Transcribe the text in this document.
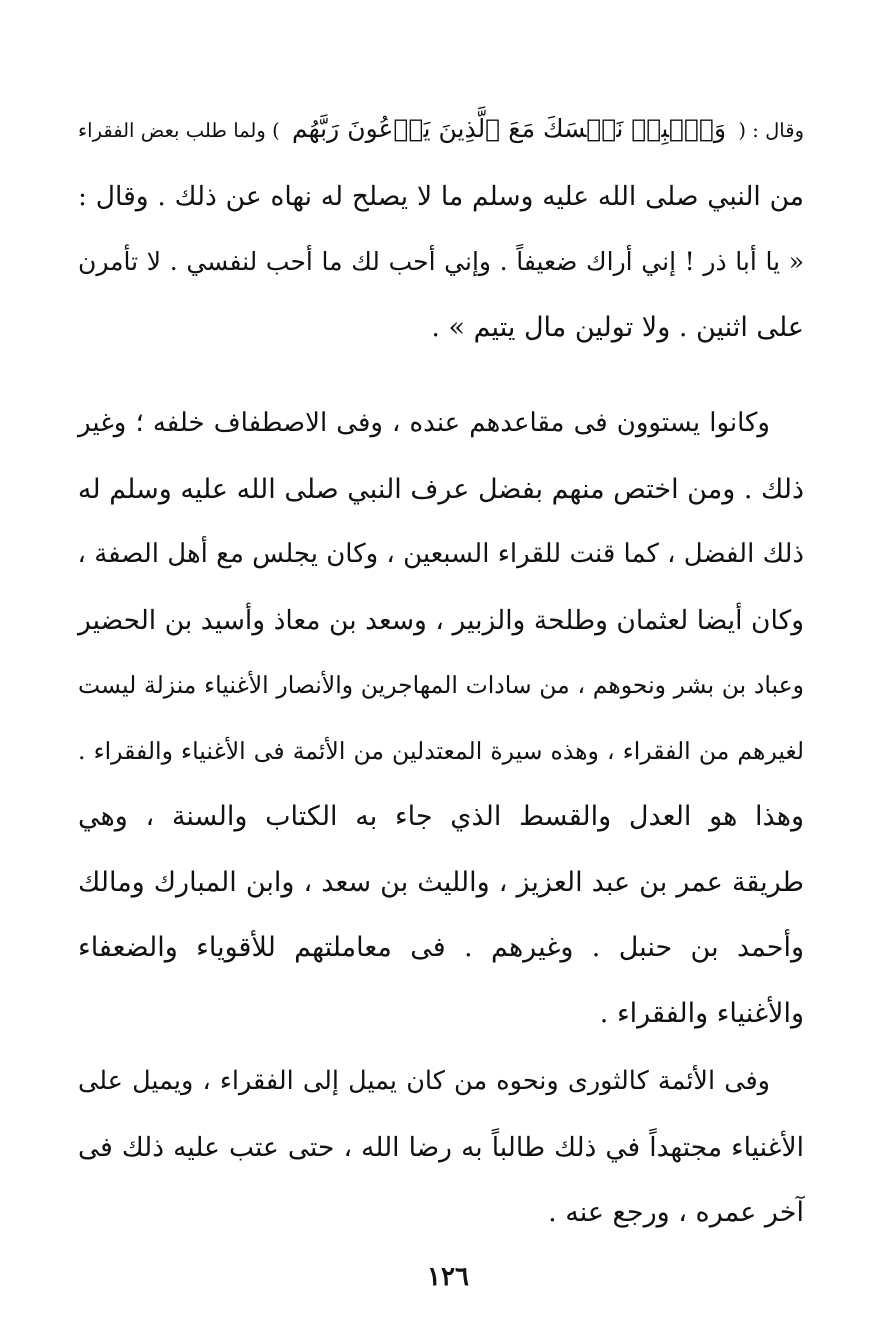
وقال : ( وَٱصۡبِرۡ نَفۡسَكَ مَعَ ٱلَّذِينَ يَدۡعُونَ رَبَّهُم ) ولما طلب بعض الفقراء
من النبي صلى الله عليه وسلم ما لا يصلح له نهاه عن ذلك . وقال :
« يا أبا ذر ! إني أراك ضعيفاً . وإني أحب لك ما أحب لنفسي . لا تأمرن
على اثنين . ولا تولين مال يتيم » .
وكانوا يستوون فى مقاعدهم عنده ، وفى الاصطفاف خلفه ؛ وغير
ذلك . ومن اختص منهم بفضل عرف النبي صلى الله عليه وسلم له
ذلك الفضل ، كما قنت للقراء السبعين ، وكان يجلس مع أهل الصفة ،
وكان أيضا لعثمان وطلحة والزبير ، وسعد بن معاذ وأسيد بن الحضير
وعباد بن بشر ونحوهم ، من سادات المهاجرين والأنصار الأغنياء منزلة ليست
لغيرهم من الفقراء ، وهذه سيرة المعتدلين من الأئمة فى الأغنياء والفقراء .
وهذا هو العدل والقسط الذي جاء به الكتاب والسنة ، وهي
طريقة عمر بن عبد العزيز ، والليث بن سعد ، وابن المبارك ومالك
وأحمد بن حنبل . وغيرهم . فى معاملتهم للأقوياء والضعفاء
والأغنياء والفقراء .
وفى الأئمة كالثورى ونحوه من كان يميل إلى الفقراء ، ويميل على
الأغنياء مجتهداً في ذلك طالباً به رضا الله ، حتى عتب عليه ذلك فى
آخر عمره ، ورجع عنه .
١٢٦
